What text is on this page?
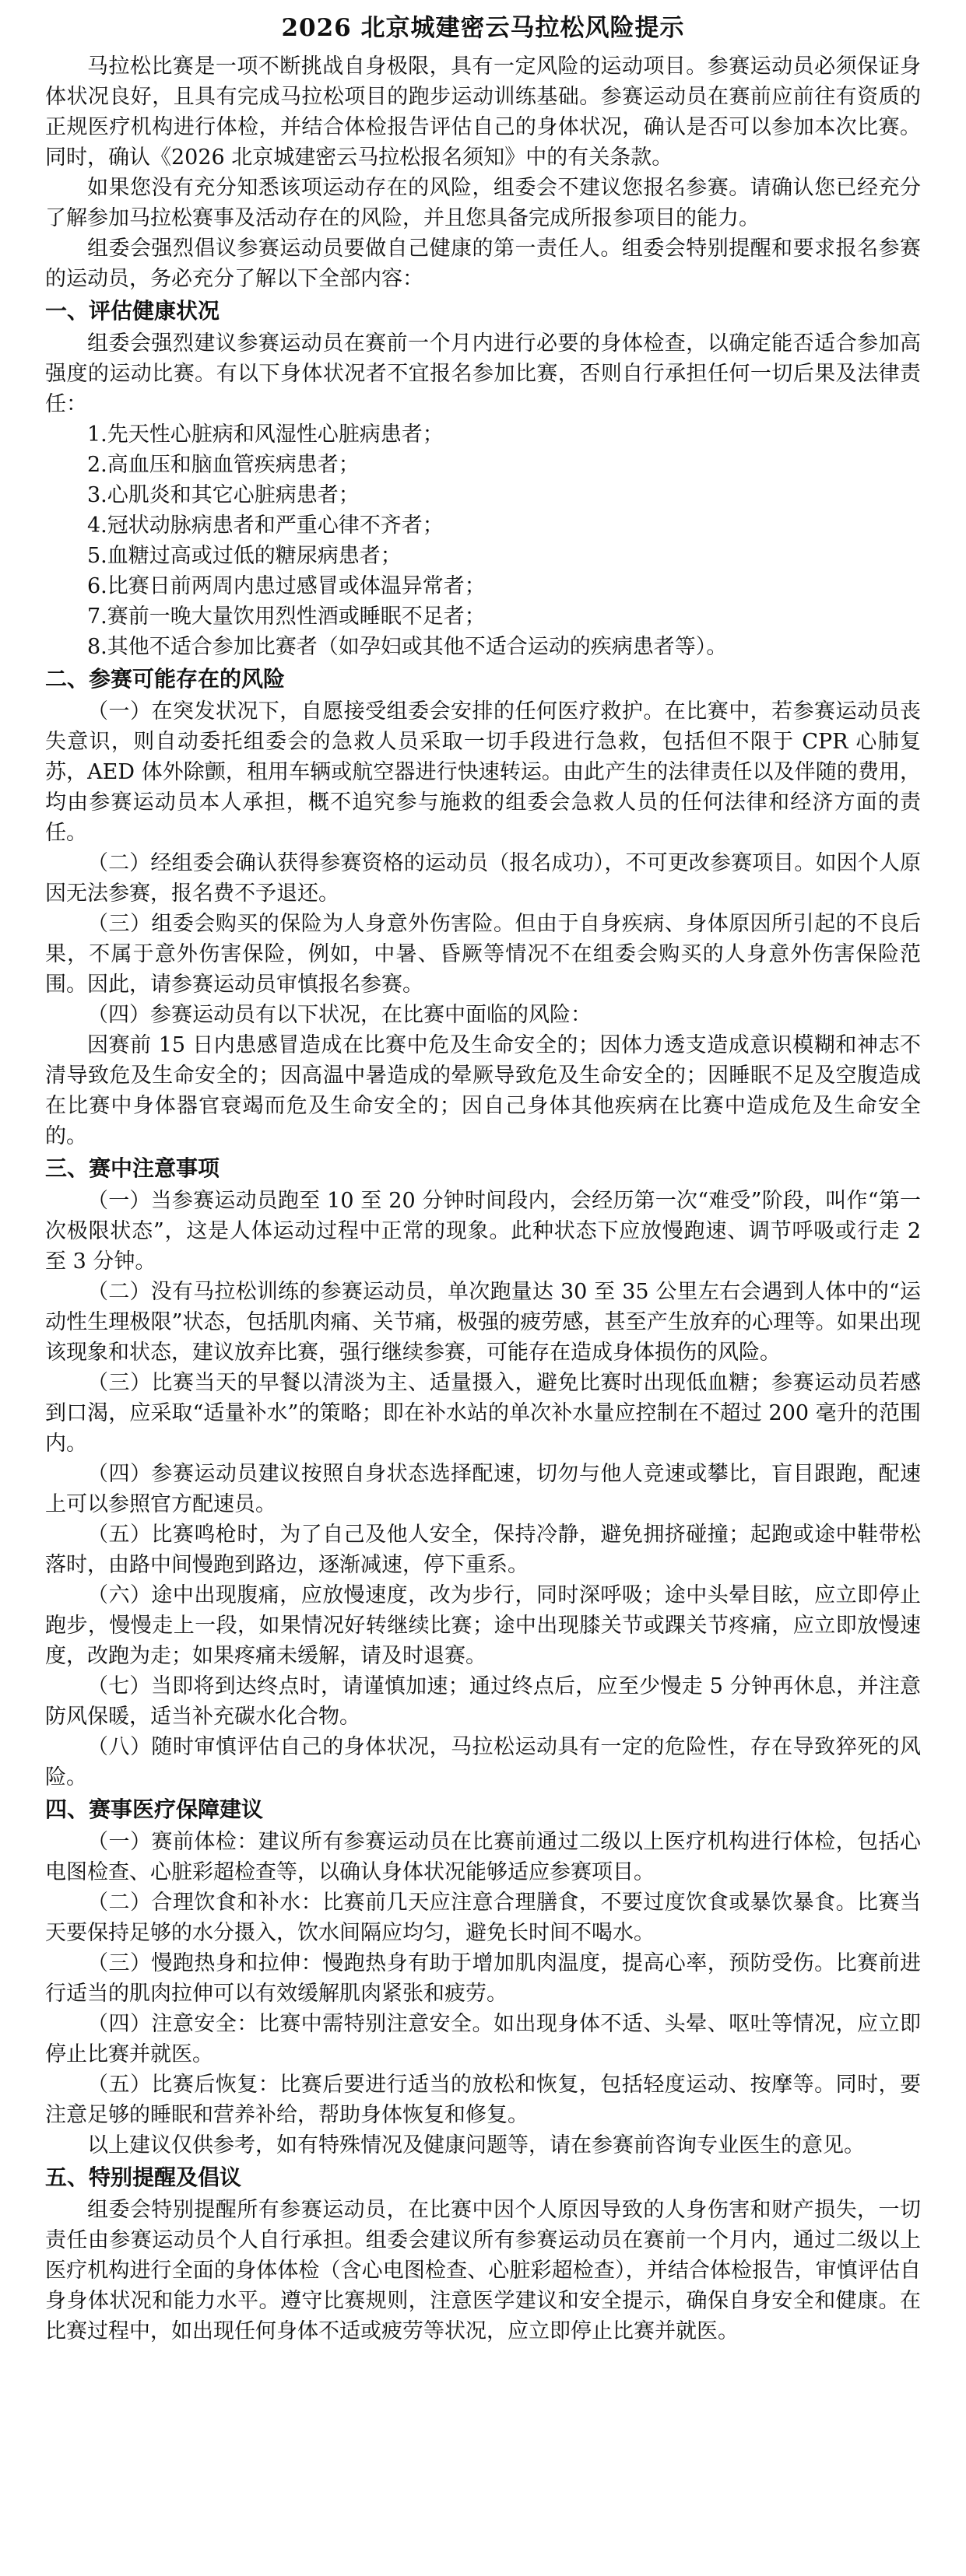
2026 北京城建密云马拉松风险提示

马拉松比赛是一项不断挑战自身极限，具有一定风险的运动项目。参赛运动员必须保证身体状况良好，且具有完成马拉松项目的跑步运动训练基础。参赛运动员在赛前应前往有资质的正规医疗机构进行体检，并结合体检报告评估自己的身体状况，确认是否可以参加本次比赛。同时，确认《2026 北京城建密云马拉松报名须知》中的有关条款。

如果您没有充分知悉该项运动存在的风险，组委会不建议您报名参赛。请确认您已经充分了解参加马拉松赛事及活动存在的风险，并且您具备完成所报参项目的能力。

组委会强烈倡议参赛运动员要做自己健康的第一责任人。组委会特别提醒和要求报名参赛的运动员，务必充分了解以下全部内容：

一、评估健康状况

组委会强烈建议参赛运动员在赛前一个月内进行必要的身体检查，以确定能否适合参加高强度的运动比赛。有以下身体状况者不宜报名参加比赛，否则自行承担任何一切后果及法律责任：

1.先天性心脏病和风湿性心脏病患者；

2.高血压和脑血管疾病患者；

3.心肌炎和其它心脏病患者；

4.冠状动脉病患者和严重心律不齐者；

5.血糖过高或过低的糖尿病患者；

6.比赛日前两周内患过感冒或体温异常者；

7.赛前一晚大量饮用烈性酒或睡眠不足者；

8.其他不适合参加比赛者（如孕妇或其他不适合运动的疾病患者等）。

二、参赛可能存在的风险

（一）在突发状况下，自愿接受组委会安排的任何医疗救护。在比赛中，若参赛运动员丧失意识，则自动委托组委会的急救人员采取一切手段进行急救，包括但不限于 CPR 心肺复苏，AED 体外除颤，租用车辆或航空器进行快速转运。由此产生的法律责任以及伴随的费用，均由参赛运动员本人承担，概不追究参与施救的组委会急救人员的任何法律和经济方面的责任。

（二）经组委会确认获得参赛资格的运动员（报名成功），不可更改参赛项目。如因个人原因无法参赛，报名费不予退还。

（三）组委会购买的保险为人身意外伤害险。但由于自身疾病、身体原因所引起的不良后果，不属于意外伤害保险，例如，中暑、昏厥等情况不在组委会购买的人身意外伤害保险范围。因此，请参赛运动员审慎报名参赛。

（四）参赛运动员有以下状况，在比赛中面临的风险：

因赛前 15 日内患感冒造成在比赛中危及生命安全的；因体力透支造成意识模糊和神志不清导致危及生命安全的；因高温中暑造成的晕厥导致危及生命安全的；因睡眠不足及空腹造成在比赛中身体器官衰竭而危及生命安全的；因自己身体其他疾病在比赛中造成危及生命安全的。

三、赛中注意事项

（一）当参赛运动员跑至 10 至 20 分钟时间段内，会经历第一次“难受”阶段，叫作“第一次极限状态”，这是人体运动过程中正常的现象。此种状态下应放慢跑速、调节呼吸或行走 2 至 3 分钟。

（二）没有马拉松训练的参赛运动员，单次跑量达 30 至 35 公里左右会遇到人体中的“运动性生理极限”状态，包括肌肉痛、关节痛，极强的疲劳感，甚至产生放弃的心理等。如果出现该现象和状态，建议放弃比赛，强行继续参赛，可能存在造成身体损伤的风险。

（三）比赛当天的早餐以清淡为主、适量摄入，避免比赛时出现低血糖；参赛运动员若感到口渴，应采取“适量补水”的策略；即在补水站的单次补水量应控制在不超过 200 毫升的范围内。

（四）参赛运动员建议按照自身状态选择配速，切勿与他人竞速或攀比，盲目跟跑，配速上可以参照官方配速员。

（五）比赛鸣枪时，为了自己及他人安全，保持冷静，避免拥挤碰撞；起跑或途中鞋带松落时，由路中间慢跑到路边，逐渐减速，停下重系。

（六）途中出现腹痛，应放慢速度，改为步行，同时深呼吸；途中头晕目眩，应立即停止跑步，慢慢走上一段，如果情况好转继续比赛；途中出现膝关节或踝关节疼痛，应立即放慢速度，改跑为走；如果疼痛未缓解，请及时退赛。

（七）当即将到达终点时，请谨慎加速；通过终点后，应至少慢走 5 分钟再休息，并注意防风保暖，适当补充碳水化合物。

（八）随时审慎评估自己的身体状况，马拉松运动具有一定的危险性，存在导致猝死的风险。

四、赛事医疗保障建议

（一）赛前体检：建议所有参赛运动员在比赛前通过二级以上医疗机构进行体检，包括心电图检查、心脏彩超检查等，以确认身体状况能够适应参赛项目。

（二）合理饮食和补水：比赛前几天应注意合理膳食，不要过度饮食或暴饮暴食。比赛当天要保持足够的水分摄入，饮水间隔应均匀，避免长时间不喝水。

（三）慢跑热身和拉伸：慢跑热身有助于增加肌肉温度，提高心率，预防受伤。比赛前进行适当的肌肉拉伸可以有效缓解肌肉紧张和疲劳。

（四）注意安全：比赛中需特别注意安全。如出现身体不适、头晕、呕吐等情况，应立即停止比赛并就医。

（五）比赛后恢复：比赛后要进行适当的放松和恢复，包括轻度运动、按摩等。同时，要注意足够的睡眠和营养补给，帮助身体恢复和修复。

以上建议仅供参考，如有特殊情况及健康问题等，请在参赛前咨询专业医生的意见。

五、特别提醒及倡议

组委会特别提醒所有参赛运动员，在比赛中因个人原因导致的人身伤害和财产损失，一切责任由参赛运动员个人自行承担。组委会建议所有参赛运动员在赛前一个月内，通过二级以上医疗机构进行全面的身体体检（含心电图检查、心脏彩超检查），并结合体检报告，审慎评估自身身体状况和能力水平。遵守比赛规则，注意医学建议和安全提示，确保自身安全和健康。在比赛过程中，如出现任何身体不适或疲劳等状况，应立即停止比赛并就医。
